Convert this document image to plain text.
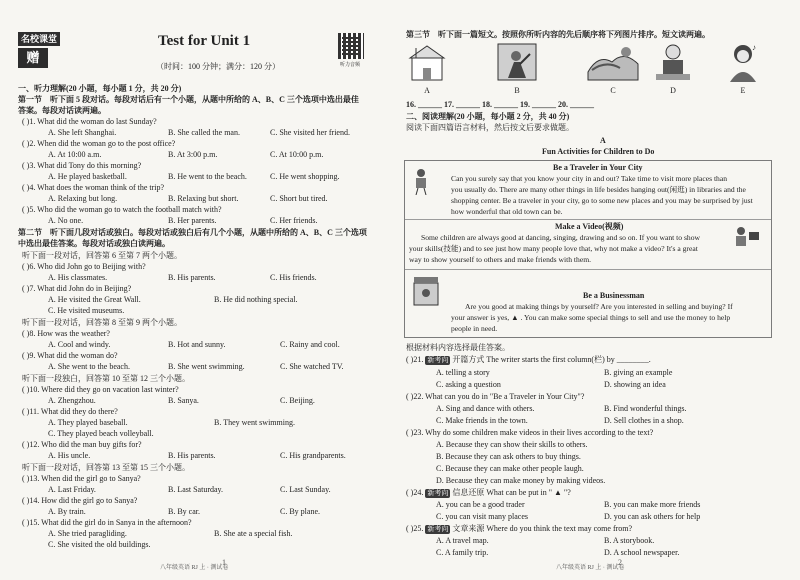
名校课堂
赠
Test for Unit 1
听力音频
（时间：100 分钟；满分：120 分）
一、听力理解(20 小题，每小题 1 分，共 20 分)
第一节　听下面 5 段对话。每段对话后有一个小题，从题中所给的 A、B、C 三个选项中选出最佳
答案。每段对话读两遍。
( )1. What did the woman do last Sunday?
A. She left Shanghai.	B. She called the man.	C. She visited her friend.
( )2. When did the woman go to the post office?
A. At 10:00 a.m.	B. At 3:00 p.m.	C. At 10:00 p.m.
( )3. What did Tony do this morning?
A. He played basketball.	B. He went to the beach.	C. He went shopping.
( )4. What does the woman think of the trip?
A. Relaxing but long.	B. Relaxing but short.	C. Short but tired.
( )5. Who did the woman go to watch the football match with?
A. No one.	B. Her parents.	C. Her friends.
第二节　听下面几段对话或独白。每段对话或独白后有几个小题，从题中所给的 A、B、C 三个选项
中选出最佳答案。每段对话或独白读两遍。
听下面一段对话，回答第 6 至第 7 两个小题。
( )6. Who did John go to Beijing with?
A. His classmates.	B. His parents.	C. His friends.
( )7. What did John do in Beijing?
A. He visited the Great Wall.	B. He did nothing special.
C. He visited museums.
听下面一段对话，回答第 8 至第 9 两个小题。
( )8. How was the weather?
A. Cool and windy.	B. Hot and sunny.	C. Rainy and cool.
( )9. What did the woman do?
A. She went to the beach.	B. She went swimming.	C. She watched TV.
听下面一段独白，回答第 10 至第 12 三个小题。
( )10. Where did they go on vacation last winter?
A. Zhengzhou.	B. Sanya.	C. Beijing.
( )11. What did they do there?
A. They played baseball.	B. They went swimming.
C. They played beach volleyball.
( )12. Who did the man buy gifts for?
A. His uncle.	B. His parents.	C. His grandparents.
听下面一段对话，回答第 13 至第 15 三个小题。
( )13. When did the girl go to Sanya?
A. Last Friday.	B. Last Saturday.	C. Last Sunday.
( )14. How did the girl go to Sanya?
A. By train.	B. By car.	C. By plane.
( )15. What did the girl do in Sanya in the afternoon?
A. She tried paragliding.	B. She ate a special fish.
C. She visited the old buildings.
八年级英语 RJ 上 · 测试卷
1
第三节　听下面一篇短文。按照你所听内容的先后顺序将下列图片排序。短文读两遍。
♪
A	B	C	D	E
16. ______ 17. ______ 18. ______ 19. ______ 20. ______
二、阅读理解(20 小题，每小题 2 分，共 40 分)
阅读下面四篇语言材料，然后按文后要求做题。
A
Fun Activities for Children to Do
Be a Traveler in Your City
Can you surely say that you know your city in and out? Take time to visit more places than
you usually do. There are many other things in life besides hanging out(闲逛) in libraries and the
shopping center. Be a traveler in your city, go to some new places and you may be surprised by just
how wonderful that old town can be.
Make a Video(视频)
Some children are always good at dancing, singing, drawing and so on. If you want to show
your skills(技能) and to see just how many people love that, why not make a video? It's a great
way to show yourself to others and make friends with them.
Be a Businessman
Are you good at making things by yourself? Are you interested in selling and buying? If
your answer is yes, ▲ . You can make some special things to sell and use the money to help
people in need.
根据材料内容选择最佳答案。
( )21. 新考向 开篇方式 The writer starts the first column(栏) by ________.
A. telling a story	B. giving an example
C. asking a question	D. showing an idea
( )22. What can you do in "Be a Traveler in Your City"?
A. Sing and dance with others.	B. Find wonderful things.
C. Make friends in the town.	D. Sell clothes in a shop.
( )23. Why do some children make videos in their lives according to the text?
A. Because they can show their skills to others.
B. Because they can ask others to buy things.
C. Because they can make other people laugh.
D. Because they can make money by making videos.
( )24. 新考向 信息还原 What can be put in " ▲ "?
A. you can be a good trader	B. you can make more friends
C. you can visit many places	D. you can ask others for help
( )25. 新考向 文章来源 Where do you think the text may come from?
A. A travel map.	B. A storybook.
C. A family trip.	D. A school newspaper.
八年级英语 RJ 上 · 测试卷
2
